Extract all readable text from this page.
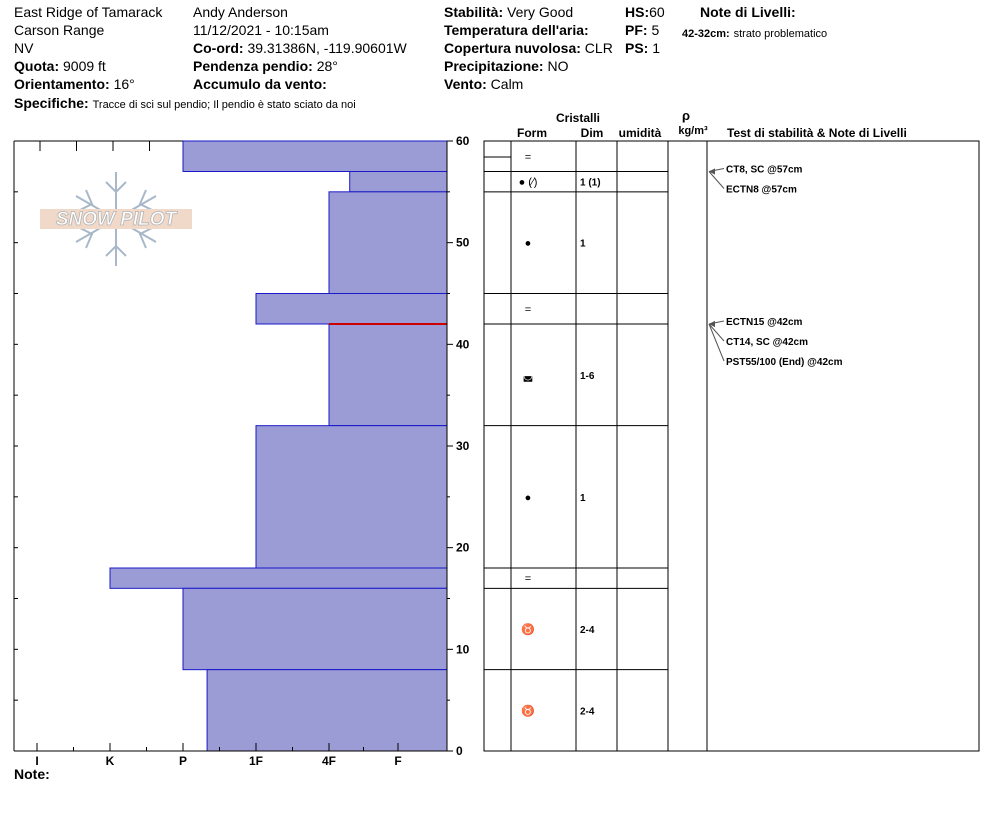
East Ridge of Tamarack
Carson Range
NV
Quota: 9009 ft
Orientamento: 16°
Specifiche: Tracce di sci sul pendio; Il pendio è stato sciato da noi
Andy Anderson
11/12/2021 - 10:15am
Co-ord: 39.31386N, -119.90601W
Pendenza pendio: 28°
Accumulo da vento:
Stabilità: Very Good
Temperatura dell'aria:
Copertura nuvolosa: CLR
Precipitazione: NO
Vento: Calm
HS:60
PF: 5
PS: 1
Note di Livelli:
42-32cm: strato problematico
Note:
SNOW PILOT
I	K	P	1F	4F	F
0
10
20
30
40
50
60
Cristalli
Form	Dim umidità
ρ
kg/m³ Test di stabilità & Note di Livelli
=
● (⁄)	1 (1)
●	1
=
◛	1-6
●	1
=
♉	2-4
♉	2-4
ECTN15 @42cm
CT14, SC @42cm
PST55/100 (End) @42cm
CT8, SC @57cm
ECTN8 @57cm
